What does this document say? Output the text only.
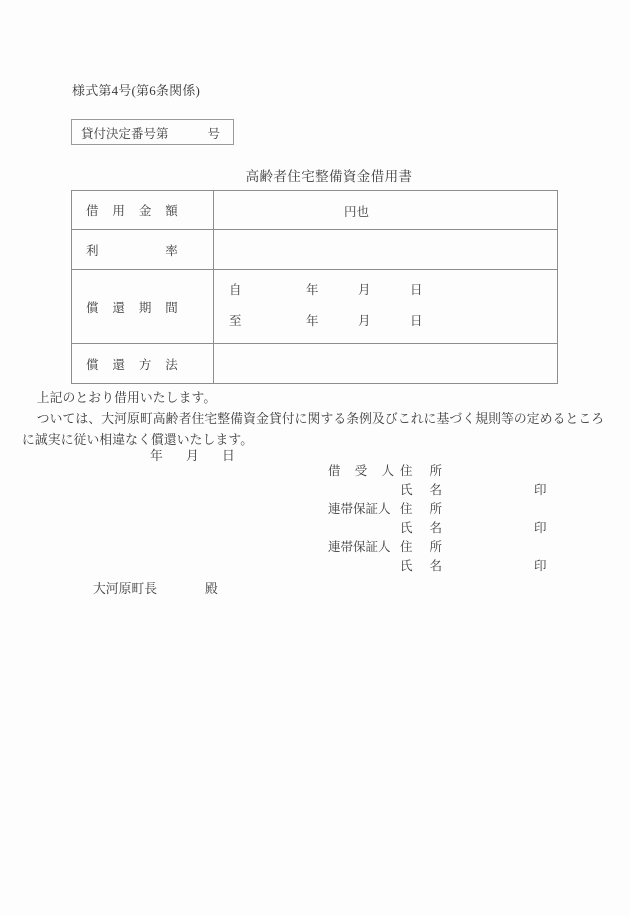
様式第4号(第6条関係)
貸付決定番号第	号
高齢者住宅整備資金借用書
借 用 金 額	円也

利 率	

償 還 期 間

自	年	月	日
至	年	月	日

償 還 方 法	

上記のとおり借用いたします。

ついては、大河原町高齢者住宅整備資金貸付に関する条例及びこれに基づく規則等の定めるところに誠実に従い相違なく償還いたします。

年 月 日
借 受 人 住 所
氏 名	印
連帯保証人 住 所
氏 名	印
連帯保証人 住 所
氏 名	印
大河原町長	殿
